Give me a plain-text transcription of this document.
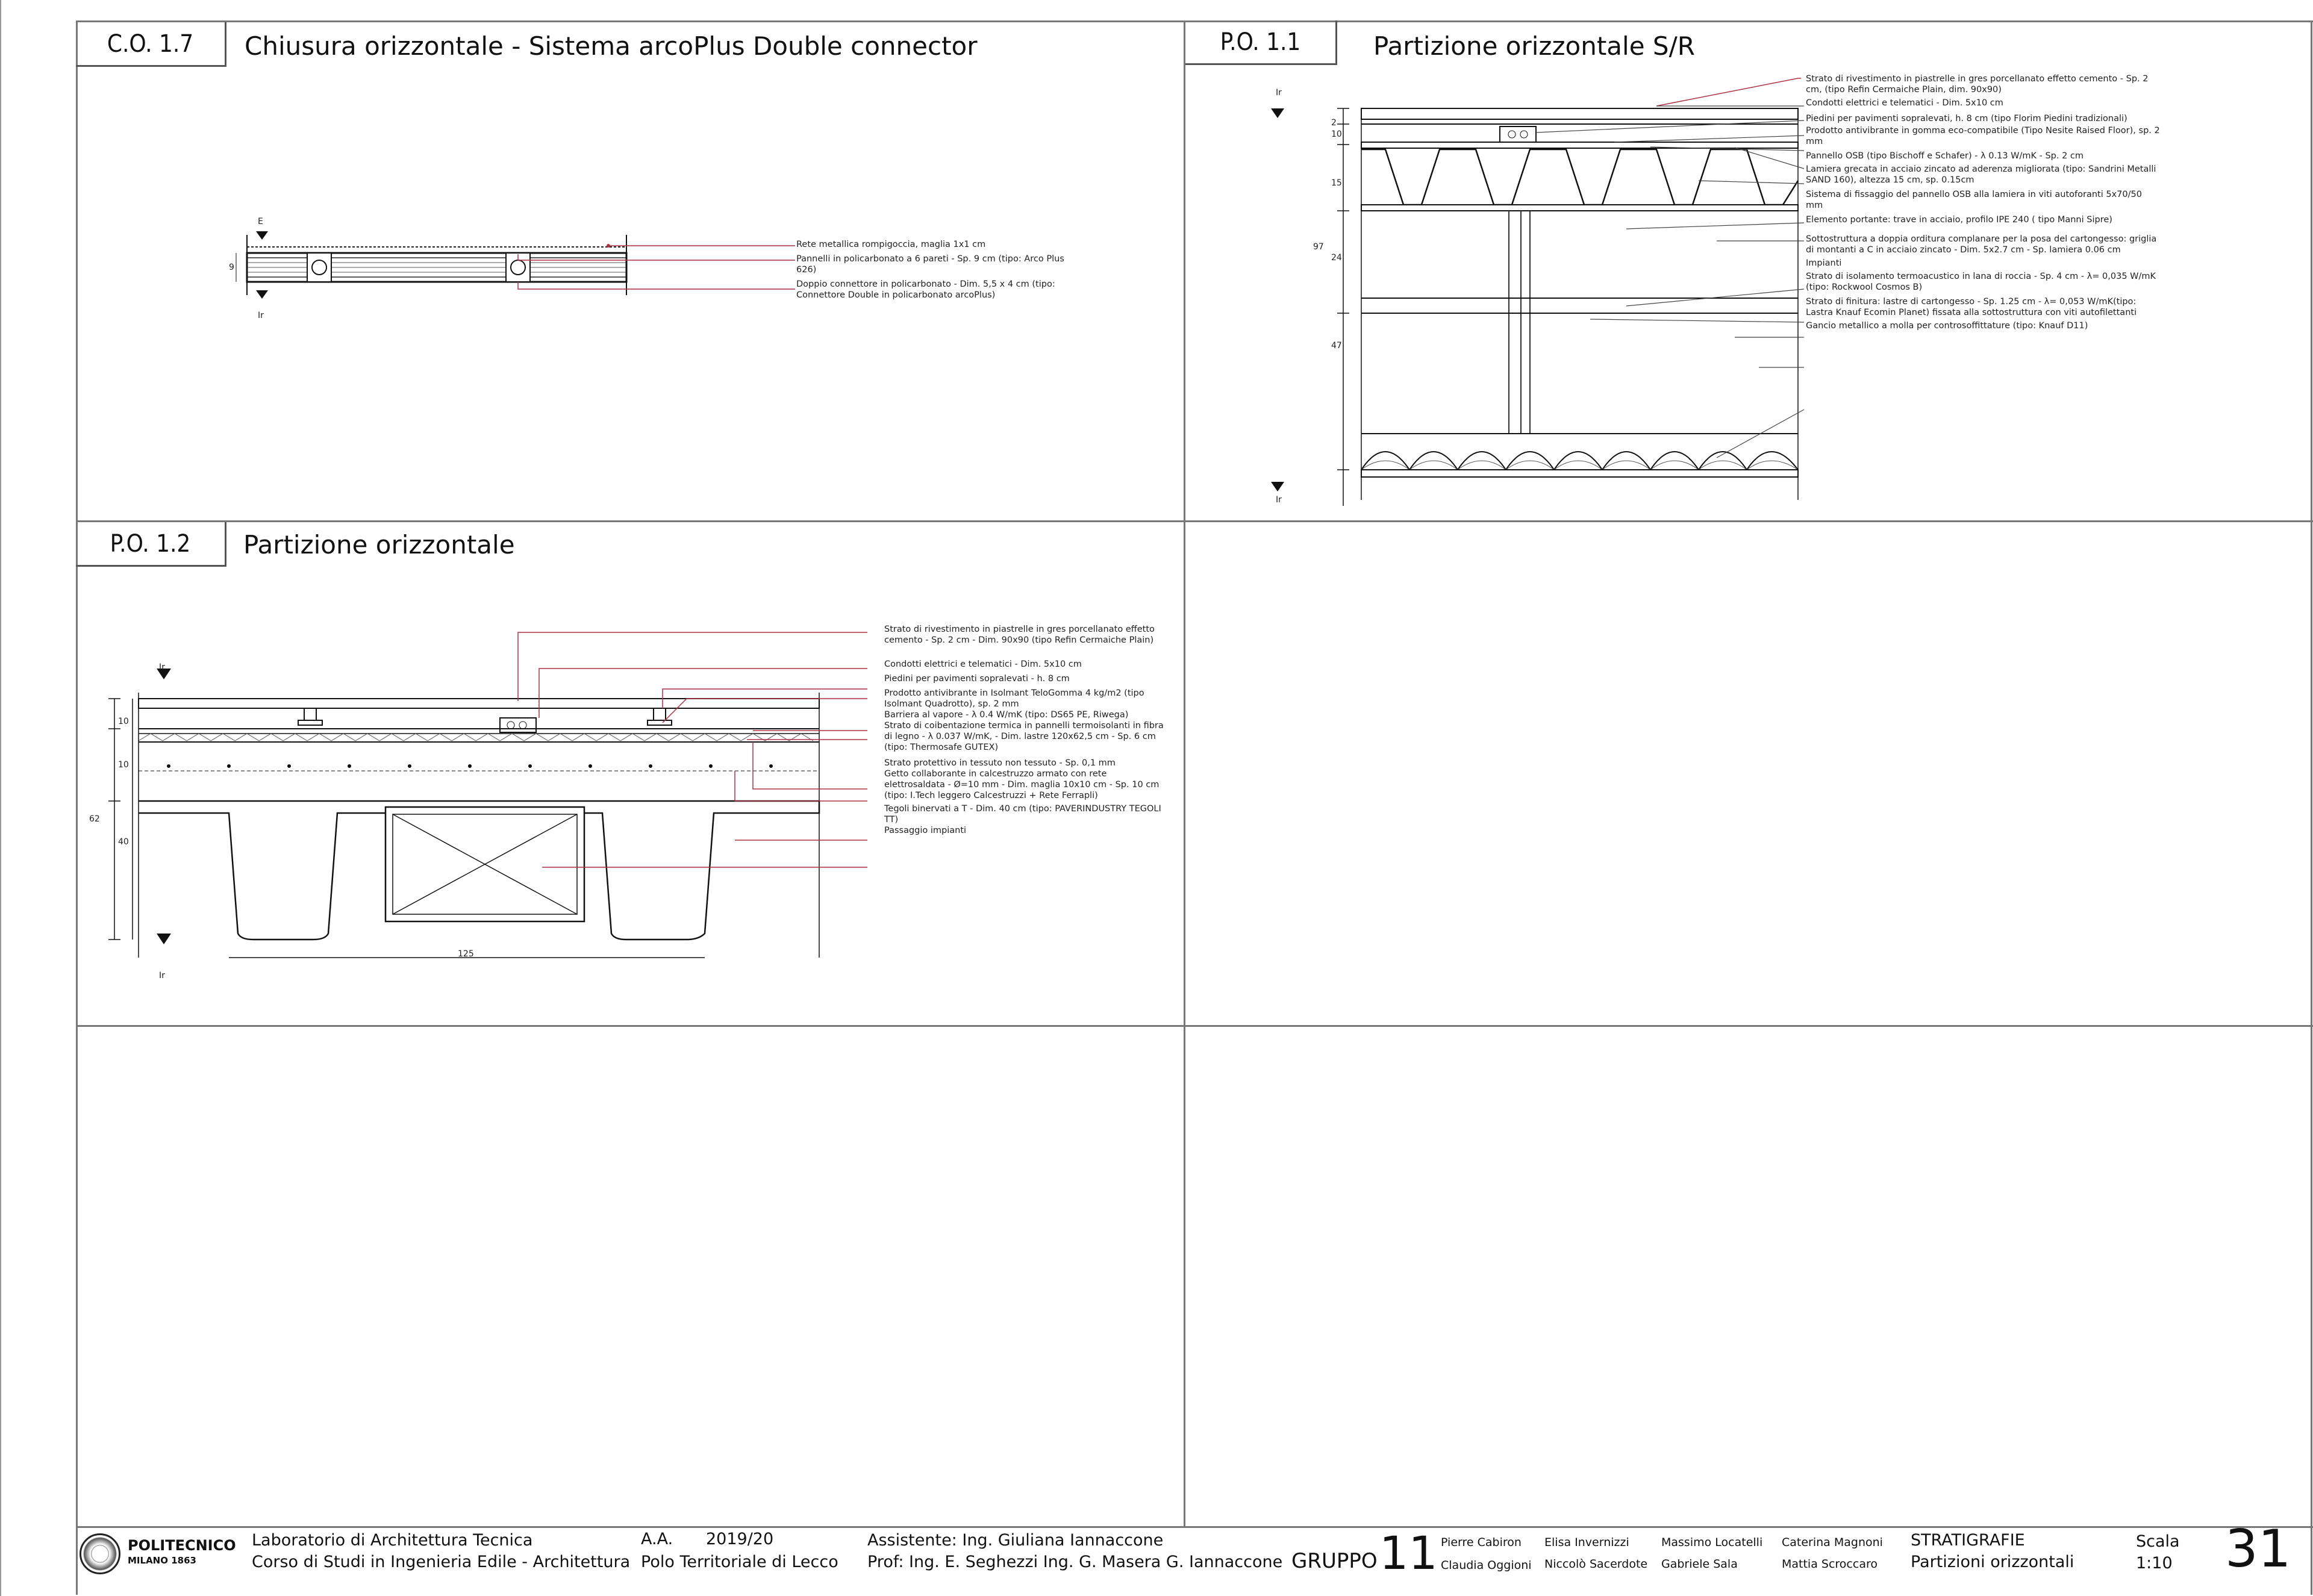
C.O. 1.7	Chiusura orizzontale - Sistema arcoPlus Double connector
E
Ir
9
Rete metallica rompigoccia, maglia 1x1 cm
Pannelli in policarbonato a 6 pareti - Sp. 9 cm (tipo: Arco Plus 626)
Doppio connettore in policarbonato - Dim. 5,5 x 4 cm (tipo: Connettore Double in policarbonato arcoPlus)
P.O. 1.1	Partizione orizzontale S/R
Ir
Ir
2
10
15
97
24
47
Strato di rivestimento in piastrelle in gres porcellanato effetto cemento - Sp. 2 cm, (tipo Refin Cermaiche Plain, dim. 90x90)
Condotti elettrici e telematici - Dim. 5x10 cm
Piedini per pavimenti sopralevati, h. 8 cm (tipo Florim Piedini tradizionali)
Prodotto antivibrante in gomma eco-compatibile (Tipo Nesite Raised Floor), sp. 2 mm
Pannello OSB (tipo Bischoff e Schafer) - λ 0.13 W/mK - Sp. 2 cm
Lamiera grecata in acciaio zincato ad aderenza migliorata (tipo: Sandrini Metalli SAND 160), altezza 15 cm, sp. 0.15cm
Sistema di fissaggio del pannello OSB alla lamiera in viti autoforanti 5x70/50 mm
Elemento portante: trave in acciaio, profilo IPE 240 ( tipo Manni Sipre)
Sottostruttura a doppia orditura complanare per la posa del cartongesso: griglia di montanti a C in acciaio zincato - Dim. 5x2.7 cm - Sp. lamiera 0.06 cm
Impianti
Strato di isolamento termoacustico in lana di roccia - Sp. 4 cm - λ= 0,035 W/mK (tipo: Rockwool Cosmos B)
Strato di finitura: lastre di cartongesso - Sp. 1.25 cm - λ= 0,053 W/mK(tipo: Lastra Knauf Ecomin Planet) fissata alla sottostruttura con viti autofilettanti
Gancio metallico a molla per controsoffittature (tipo: Knauf D11)
P.O. 1.2	Partizione orizzontale
Ir
Ir
10
10
62
40
125
Strato di rivestimento in piastrelle in gres porcellanato effetto cemento - Sp. 2 cm - Dim. 90x90 (tipo Refin Cermaiche Plain)
Condotti elettrici e telematici - Dim. 5x10 cm
Piedini per pavimenti sopralevati - h. 8 cm
Prodotto antivibrante in Isolmant TeloGomma 4 kg/m2 (tipo Isolmant Quadrotto), sp. 2 mm
Barriera al vapore - λ 0.4 W/mK (tipo: DS65 PE, Riwega)
Strato di coibentazione termica in pannelli termoisolanti in fibra di legno - λ 0.037 W/mK, - Dim. lastre 120x62,5 cm - Sp. 6 cm (tipo: Thermosafe GUTEX)
Strato protettivo in tessuto non tessuto - Sp. 0,1 mm
Getto collaborante in calcestruzzo armato con rete elettrosaldata - Ø=10 mm - Dim. maglia 10x10 cm - Sp. 10 cm (tipo: I.Tech leggero Calcestruzzi + Rete Ferrapli)
Tegoli binervati a T - Dim. 40 cm (tipo: PAVERINDUSTRY TEGOLI TT)
Passaggio impianti
POLITECNICO
MILANO 1863
Laboratorio di Architettura Tecnica
Corso di Studi in Ingenieria Edile - Architettura
A.A. 2019/20
Polo Territoriale di Lecco
Assistente: Ing. Giuliana Iannaccone
Prof: Ing. E. Seghezzi Ing. G. Masera G. Iannaccone GRUPPO 11 Pierre Cabiron Elisa Invernizzi	Massimo Locatelli Caterina Magnoni
Claudia Oggioni Niccolò Sacerdote Gabriele Sala	Mattia Scroccaro
STRATIGRAFIE
Partizioni orizzontali
Scala
1:10 31
